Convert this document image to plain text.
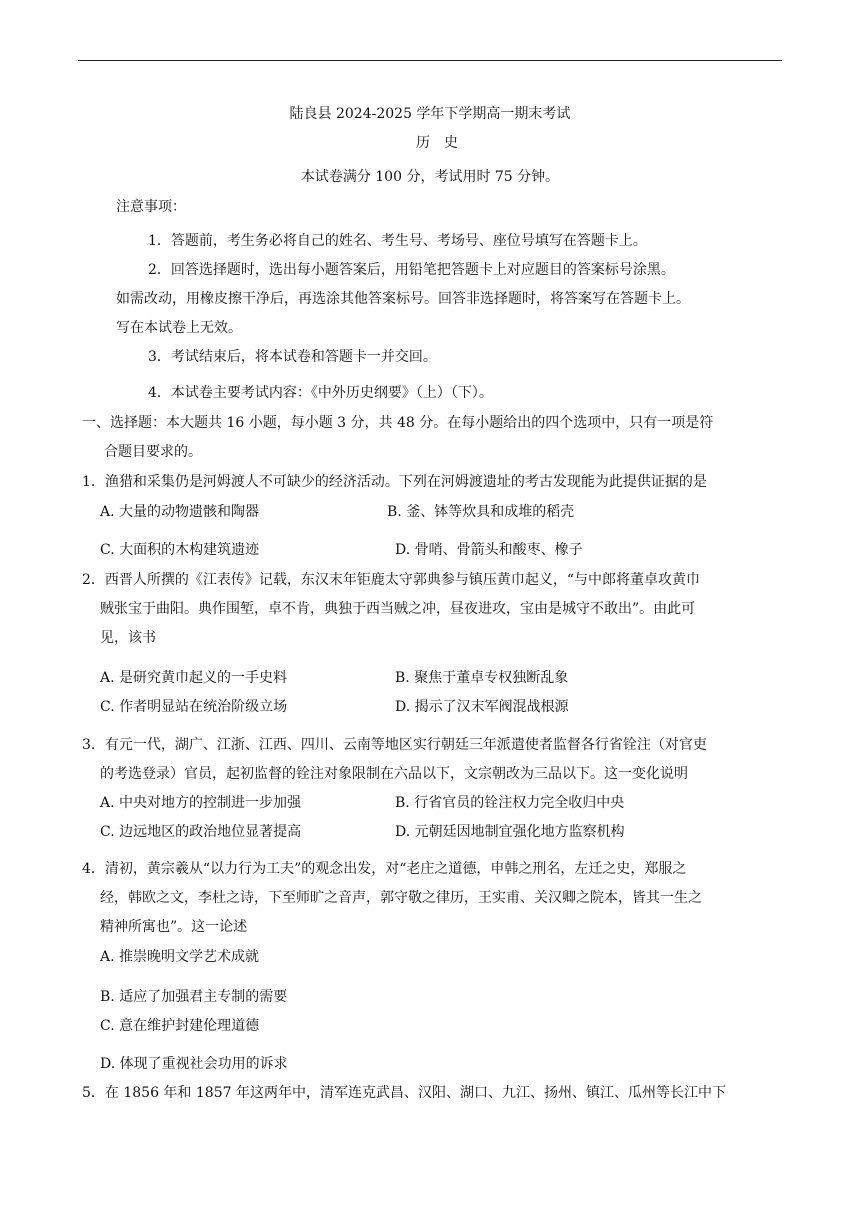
陆良县 2024-2025 学年下学期高一期末考试
历史
本试卷满分 100 分，考试用时 75 分钟。
注意事项：
1．答题前，考生务必将自己的姓名、考生号、考场号、座位号填写在答题卡上。
2．回答选择题时，选出每小题答案后，用铅笔把答题卡上对应题目的答案标号涂黑。
如需改动，用橡皮擦干净后，再选涂其他答案标号。回答非选择题时，将答案写在答题卡上。
写在本试卷上无效。
3．考试结束后，将本试卷和答题卡一并交回。
4．本试卷主要考试内容：《中外历史纲要》（上）（下）。
一、选择题：本大题共 16 小题，每小题 3 分，共 48 分。在每小题给出的四个选项中，只有一项是符
合题目要求的。
1．渔猎和采集仍是河姆渡人不可缺少的经济活动。下列在河姆渡遗址的考古发现能为此提供证据的是
A. 大量的动物遗骸和陶器	B. 釜、钵等炊具和成堆的稻壳
C. 大面积的木构建筑遗迹	D. 骨哨、骨箭头和酸枣、橡子
2．西晋人所撰的《江表传》记载，东汉末年钜鹿太守郭典参与镇压黄巾起义，“与中郎将董卓攻黄巾
贼张宝于曲阳。典作围堑，卓不肯，典独于西当贼之冲，昼夜进攻，宝由是城守不敢出”。由此可
见，该书
A. 是研究黄巾起义的一手史料	B. 聚焦于董卓专权独断乱象
C. 作者明显站在统治阶级立场	D. 揭示了汉末军阀混战根源
3．有元一代，湖广、江浙、江西、四川、云南等地区实行朝廷三年派遣使者监督各行省铨注（对官吏
的考选登录）官员，起初监督的铨注对象限制在六品以下，文宗朝改为三品以下。这一变化说明
A. 中央对地方的控制进一步加强	B. 行省官员的铨注权力完全收归中央
C. 边远地区的政治地位显著提高	D. 元朝廷因地制宜强化地方监察机构
4．清初，黄宗羲从“以力行为工夫”的观念出发，对“老庄之道德，申韩之刑名，左迁之史，郑服之
经，韩欧之文，李杜之诗，下至师旷之音声，郭守敬之律历，王实甫、关汉卿之院本，皆其一生之
精神所寓也”。这一论述
A. 推崇晚明文学艺术成就
B. 适应了加强君主专制的需要
C. 意在维护封建伦理道德
D. 体现了重视社会功用的诉求
5．在 1856 年和 1857 年这两年中，清军连克武昌、汉阳、湖口、九江、扬州、镇江、瓜州等长江中下
